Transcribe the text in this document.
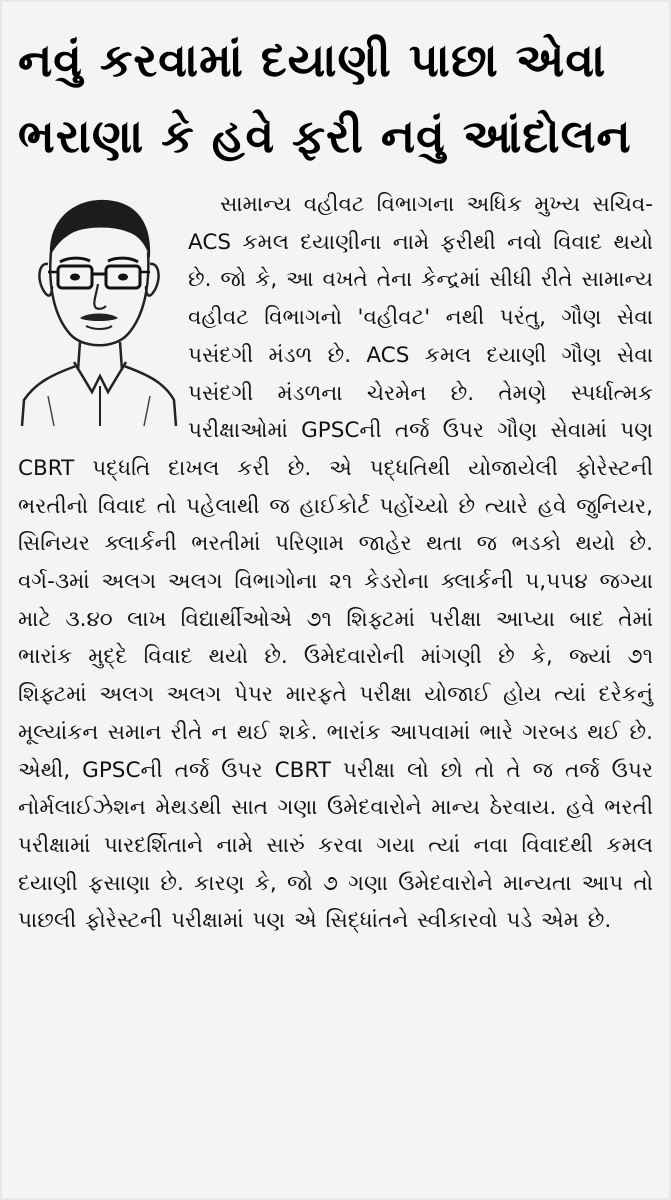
નવું કરવામાં દયાણી પાછા એવા
ભરાણા કે હવે ફરી નવું આંદોલન

સામાન્ય વહીવટ વિભાગના અધિક મુખ્ય સચિવ- ACS કમલ દયાણીના નામે ફરીથી નવો વિવાદ થયો છે. જો કે, આ વખતે તેના કેન્દ્રમાં સીધી રીતે સામાન્ય વહીવટ વિભાગનો 'વહીવટ' નથી પરંતુ, ગૌણ સેવા પસંદગી મંડળ છે. ACS કમલ દયાણી ગૌણ સેવા પસંદગી મંડળના ચેરમેન છે. તેમણે સ્પર્ધાત્મક પરીક્ષાઓમાં GPSCની તર્જ ઉપર ગૌણ સેવામાં પણ CBRT પદ્ધતિ દાખલ કરી છે. એ પદ્ધતિથી યોજાયેલી ફોરેસ્ટની ભરતીનો વિવાદ તો પહેલાથી જ હાઈકોર્ટ પહોંચ્યો છે ત્યારે હવે જુનિયર, સિનિયર ક્લાર્કની ભરતીમાં પરિણામ જાહેર થતા જ ભડકો થયો છે. વર્ગ-૩માં અલગ અલગ વિભાગોના ૨૧ કેડરોના ક્લાર્કની ૫,૫૫૪ જગ્યા માટે ૩.૪૦ લાખ વિદ્યાર્થીઓએ ૭૧ શિફ્ટમાં પરીક્ષા આપ્યા બાદ તેમાં ભારાંક મુદ્દે વિવાદ થયો છે. ઉમેદવારોની માંગણી છે કે, જ્યાં ૭૧ શિફ્ટમાં અલગ અલગ પેપર મારફતે પરીક્ષા યોજાઈ હોય ત્યાં દરેકનું મૂલ્યાંકન સમાન રીતે ન થઈ શકે. ભારાંક આપવામાં ભારે ગરબડ થઈ છે. એથી, GPSCની તર્જ ઉપર CBRT પરીક્ષા લો છો તો તે જ તર્જ ઉપર નોર્મલાઈઝેશન મેથડથી સાત ગણા ઉમેદવારોને માન્ય ઠેરવાય. હવે ભરતી પરીક્ષામાં પારદર્શિતાને નામે સારું કરવા ગયા ત્યાં નવા વિવાદથી કમલ દયાણી ફસાણા છે. કારણ કે, જો ૭ ગણા ઉમેદવારોને માન્યતા આપ તો પાછલી ફોરેસ્ટની પરીક્ષામાં પણ એ સિદ્ધાંતને સ્વીકારવો પડે એમ છે.
